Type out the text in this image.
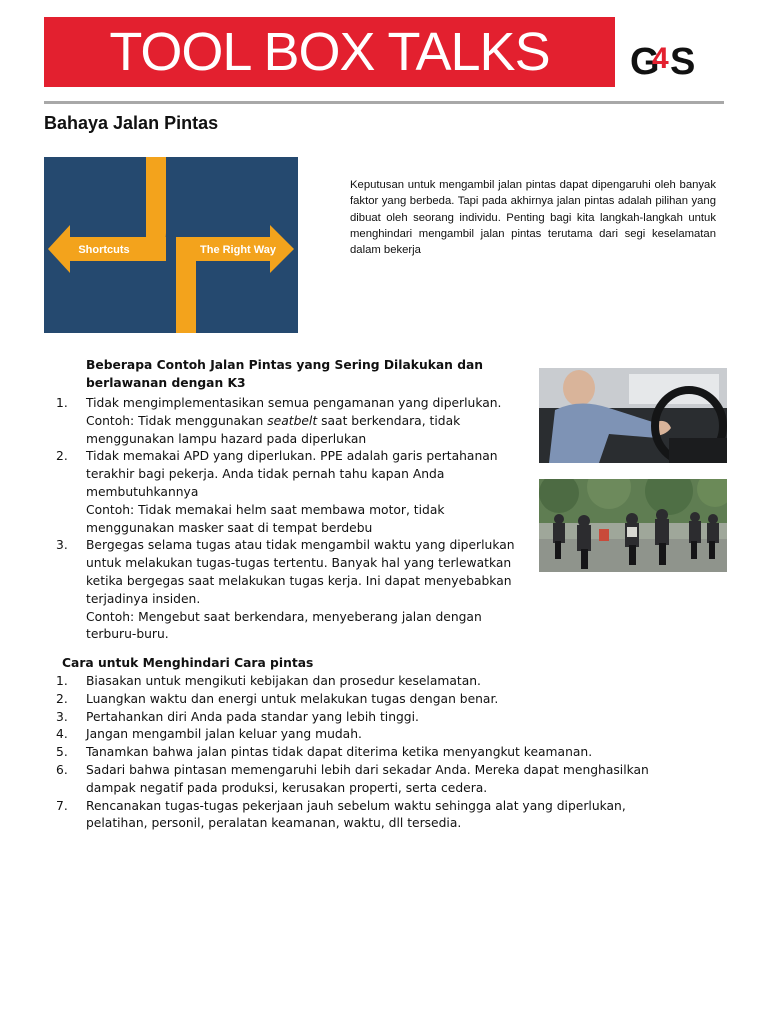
TOOL BOX TALKS	G
4 S
Bahaya Jalan Pintas
Shortcuts	The Right Way
Keputusan untuk mengambil jalan pintas dapat dipengaruhi oleh banyak faktor yang berbeda. Tapi pada akhirnya jalan pintas adalah pilihan yang dibuat oleh seorang individu. Penting bagi kita langkah-langkah untuk menghindari mengambil jalan pintas terutama dari segi keselamatan dalam bekerja
Beberapa Contoh Jalan Pintas yang Sering Dilakukan dan berlawanan dengan K3
1. Tidak mengimplementasikan semua pengamanan yang diperlukan.
Contoh: Tidak menggunakan seatbelt saat berkendara, tidak menggunakan lampu hazard pada diperlukan
2. Tidak memakai APD yang diperlukan. PPE adalah garis pertahanan terakhir bagi pekerja. Anda tidak pernah tahu kapan Anda membutuhkannya
Contoh: Tidak memakai helm saat membawa motor, tidak menggunakan masker saat di tempat berdebu
3. Bergegas selama tugas atau tidak mengambil waktu yang diperlukan untuk melakukan tugas-tugas tertentu. Banyak hal yang terlewatkan ketika bergegas saat melakukan tugas kerja. Ini dapat menyebabkan terjadinya insiden.
Contoh: Mengebut saat berkendara, menyeberang jalan dengan terburu-buru.
Cara untuk Menghindari Cara pintas
1. Biasakan untuk mengikuti kebijakan dan prosedur keselamatan.
2. Luangkan waktu dan energi untuk melakukan tugas dengan benar.
3. Pertahankan diri Anda pada standar yang lebih tinggi.
4. Jangan mengambil jalan keluar yang mudah.
5. Tanamkan bahwa jalan pintas tidak dapat diterima ketika menyangkut keamanan.
6. Sadari bahwa pintasan memengaruhi lebih dari sekadar Anda. Mereka dapat menghasilkan dampak negatif pada produksi, kerusakan properti, serta cedera.
7. Rencanakan tugas-tugas pekerjaan jauh sebelum waktu sehingga alat yang diperlukan, pelatihan, personil, peralatan keamanan, waktu, dll tersedia.
